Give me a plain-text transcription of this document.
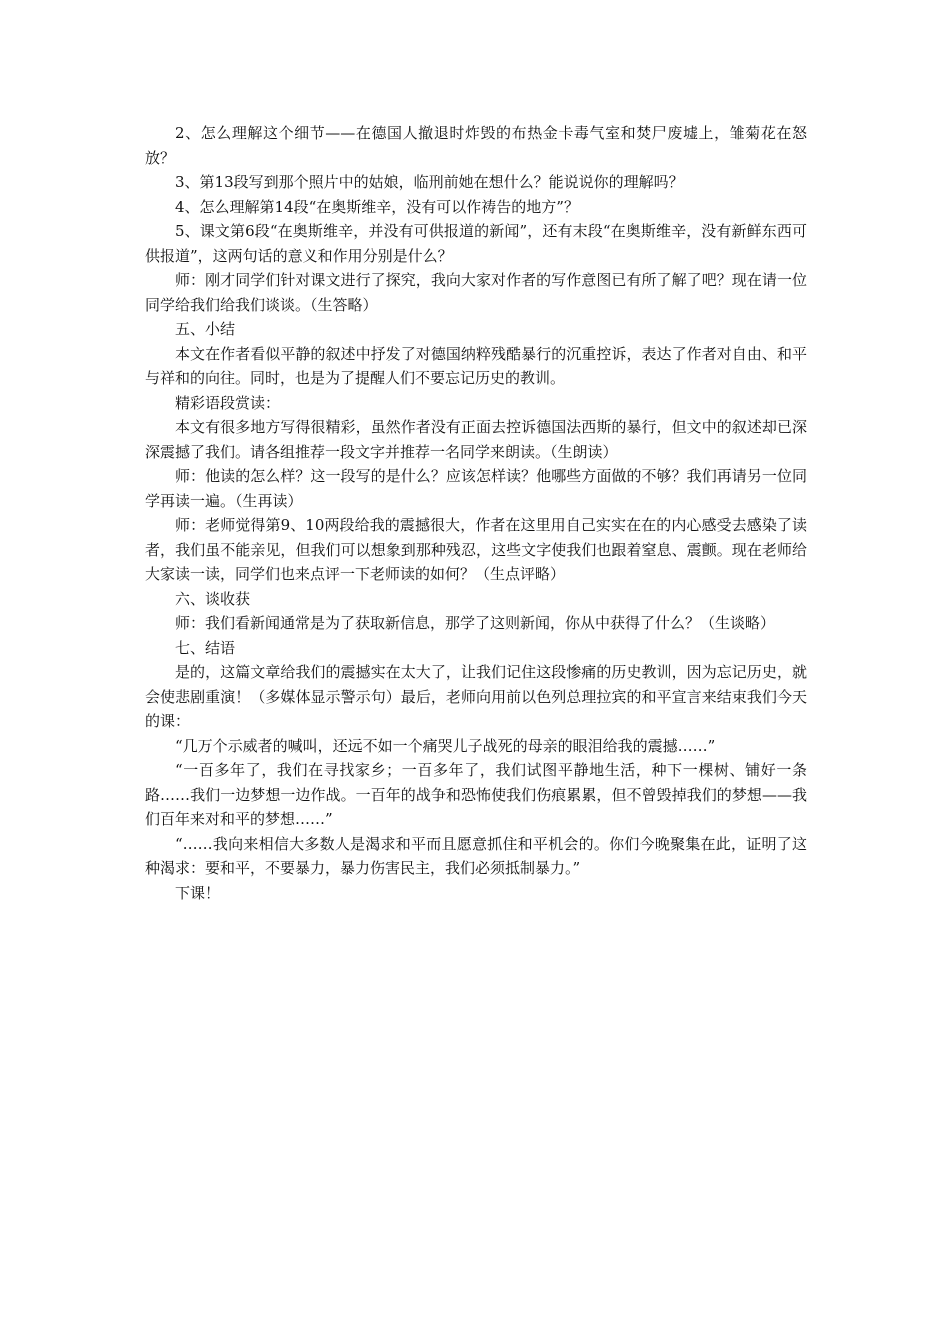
2、怎么理解这个细节——在德国人撤退时炸毁的布热金卡毒气室和焚尸废墟上，雏菊花在怒放？

3、第13段写到那个照片中的姑娘，临刑前她在想什么？能说说你的理解吗？

4、怎么理解第14段“在奥斯维辛，没有可以作祷告的地方”？

5、课文第6段“在奥斯维辛，并没有可供报道的新闻”，还有末段“在奥斯维辛，没有新鲜东西可供报道”，这两句话的意义和作用分别是什么？

师：刚才同学们针对课文进行了探究，我向大家对作者的写作意图已有所了解了吧？现在请一位同学给我们给我们谈谈。（生答略）

五、小结

本文在作者看似平静的叙述中抒发了对德国纳粹残酷暴行的沉重控诉，表达了作者对自由、和平与祥和的向往。同时，也是为了提醒人们不要忘记历史的教训。

精彩语段赏读：

本文有很多地方写得很精彩，虽然作者没有正面去控诉德国法西斯的暴行，但文中的叙述却已深深震撼了我们。请各组推荐一段文字并推荐一名同学来朗读。（生朗读）

师：他读的怎么样？这一段写的是什么？应该怎样读？他哪些方面做的不够？我们再请另一位同学再读一遍。（生再读）

师：老师觉得第9、10两段给我的震撼很大，作者在这里用自己实实在在的内心感受去感染了读者，我们虽不能亲见，但我们可以想象到那种残忍，这些文字使我们也跟着窒息、震颤。现在老师给大家读一读，同学们也来点评一下老师读的如何？（生点评略）

六、谈收获

师：我们看新闻通常是为了获取新信息，那学了这则新闻，你从中获得了什么？（生谈略）

七、结语

是的，这篇文章给我们的震撼实在太大了，让我们记住这段惨痛的历史教训，因为忘记历史，就会使悲剧重演！（多媒体显示警示句）最后，老师向用前以色列总理拉宾的和平宣言来结束我们今天的课：

“几万个示威者的喊叫，还远不如一个痛哭儿子战死的母亲的眼泪给我的震撼……”

“一百多年了，我们在寻找家乡；一百多年了，我们试图平静地生活，种下一棵树、铺好一条路……我们一边梦想一边作战。一百年的战争和恐怖使我们伤痕累累，但不曾毁掉我们的梦想——我们百年来对和平的梦想……”

“……我向来相信大多数人是渴求和平而且愿意抓住和平机会的。你们今晚聚集在此，证明了这种渴求：要和平，不要暴力，暴力伤害民主，我们必须抵制暴力。”

下课！
